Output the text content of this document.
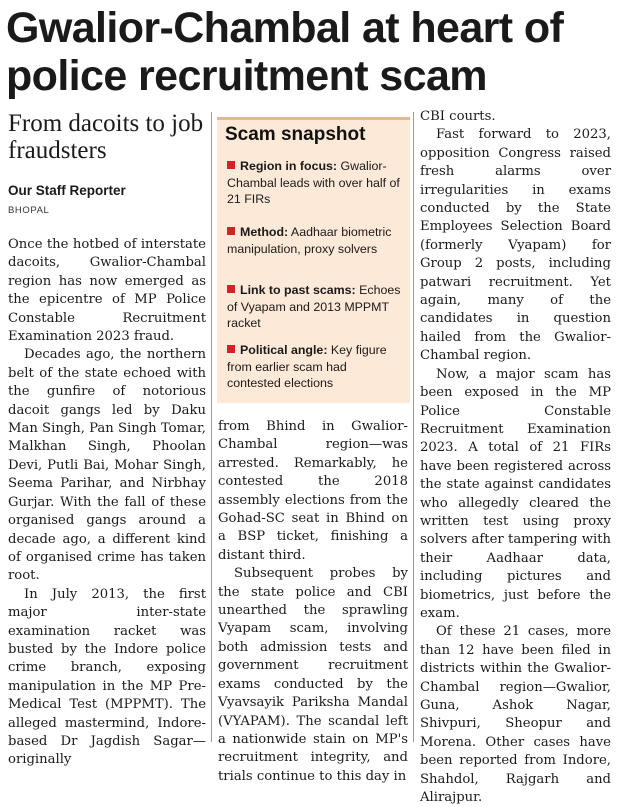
Gwalior-Chambal at heart of police recruitment scam
From dacoits to job fraudsters
Our Staff Reporter
BHOPAL
Scam snapshot

Region in focus: Gwalior-Chambal leads with over half of 21 FIRs

Method: Aadhaar biometric manipulation, proxy solvers

Link to past scams: Echoes of Vyapam and 2013 MPPMT racket

Political angle: Key figure from earlier scam had contested elections

Once the hotbed of interstate dacoits, Gwalior-Chambal region has now emerged as the epicentre of MP Police Constable Recruitment Examination 2023 fraud.

Decades ago, the northern belt of the state echoed with the gunfire of notorious dacoit gangs led by Daku Man Singh, Pan Singh Tomar, Malkhan Singh, Phoolan Devi, Putli Bai, Mohar Singh, Seema Parihar, and Nirbhay Gurjar. With the fall of these organised gangs around a decade ago, a different kind of organised crime has taken root.

In July 2013, the first major inter-state examination racket was busted by the Indore police crime branch, exposing manipulation in the MP Pre-Medical Test (MPPMT). The alleged mastermind, Indore-based Dr Jagdish Sagar—originally

from Bhind in Gwalior-Chambal region—was arrested. Remarkably, he contested the 2018 assembly elections from the Gohad-SC seat in Bhind on a BSP ticket, finishing a distant third.

Subsequent probes by the state police and CBI unearthed the sprawling Vyapam scam, involving both admission tests and government recruitment exams conducted by the Vyavsayik Pariksha Mandal (VYAPAM). The scandal left a nationwide stain on MP's recruitment integrity, and trials continue to this day in

CBI courts.

Fast forward to 2023, opposition Congress raised fresh alarms over irregularities in exams conducted by the State Employees Selection Board (formerly Vyapam) for Group 2 posts, including patwari recruitment. Yet again, many of the candidates in question hailed from the Gwalior-Chambal region.

Now, a major scam has been exposed in the MP Police Constable Recruitment Examination 2023. A total of 21 FIRs have been registered across the state against candidates who allegedly cleared the written test using proxy solvers after tampering with their Aadhaar data, including pictures and biometrics, just before the exam.

Of these 21 cases, more than 12 have been filed in districts within the Gwalior-Chambal region—Gwalior, Guna, Ashok Nagar, Shivpuri, Sheopur and Morena. Other cases have been reported from Indore, Shahdol, Rajgarh and Alirajpur.
